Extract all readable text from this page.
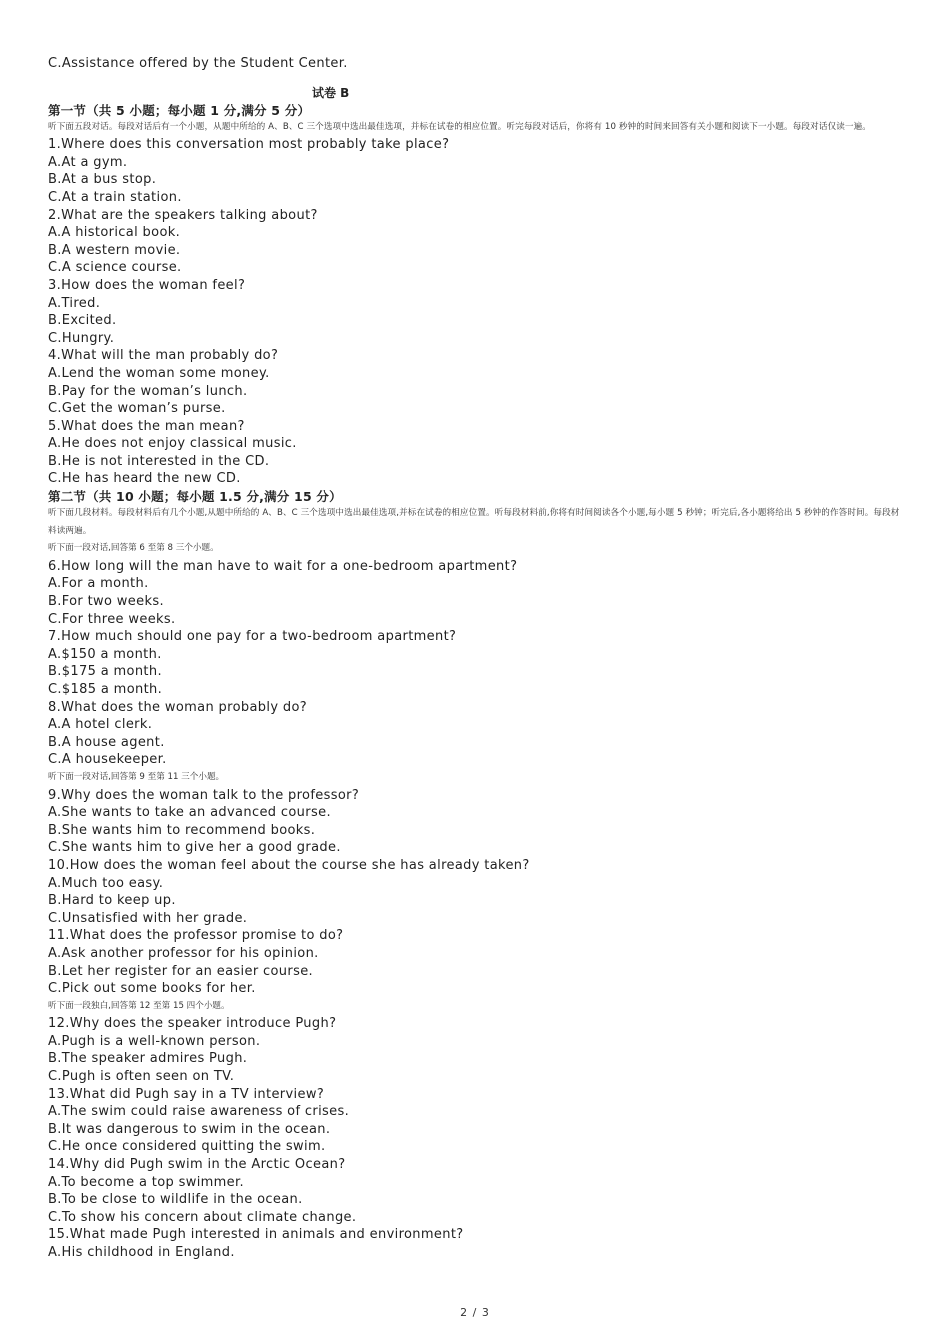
C.Assistance offered by the Student Center.
试卷 B
第一节（共 5 小题；每小题 1 分,满分 5 分）
听下面五段对话。每段对话后有一个小题，从题中所给的 A、B、C 三个选项中选出最佳选项，并标在试卷的相应位置。听完每段对话后，你将有 10 秒钟的时间来回答有关小题和阅读下一小题。每段对话仅读一遍。
1.Where does this conversation most probably take place?
A.At a gym.
B.At a bus stop.
C.At a train station.
2.What are the speakers talking about?
A.A historical book.
B.A western movie.
C.A science course.
3.How does the woman feel?
A.Tired.
B.Excited.
C.Hungry.
4.What will the man probably do?
A.Lend the woman some money.
B.Pay for the woman’s lunch.
C.Get the woman’s purse.
5.What does the man mean?
A.He does not enjoy classical music.
B.He is not interested in the CD.
C.He has heard the new CD.
第二节（共 10 小题；每小题 1.5 分,满分 15 分）
听下面几段材料。每段材料后有几个小题,从题中所给的 A、B、C 三个选项中选出最佳选项,并标在试卷的相应位置。听每段材料前,你将有时间阅读各个小题,每小题 5 秒钟；听完后,各小题将给出 5 秒钟的作答时间。每段材料读两遍。
听下面一段对话,回答第 6 至第 8 三个小题。
6.How long will the man have to wait for a one-bedroom apartment?
A.For a month.
B.For two weeks.
C.For three weeks.
7.How much should one pay for a two-bedroom apartment?
A.$150 a month.
B.$175 a month.
C.$185 a month.
8.What does the woman probably do?
A.A hotel clerk.
B.A house agent.
C.A housekeeper.
听下面一段对话,回答第 9 至第 11 三个小题。
9.Why does the woman talk to the professor?
A.She wants to take an advanced course.
B.She wants him to recommend books.
C.She wants him to give her a good grade.
10.How does the woman feel about the course she has already taken?
A.Much too easy.
B.Hard to keep up.
C.Unsatisfied with her grade.
11.What does the professor promise to do?
A.Ask another professor for his opinion.
B.Let her register for an easier course.
C.Pick out some books for her.
听下面一段独白,回答第 12 至第 15 四个小题。
12.Why does the speaker introduce Pugh?
A.Pugh is a well-known person.
B.The speaker admires Pugh.
C.Pugh is often seen on TV.
13.What did Pugh say in a TV interview?
A.The swim could raise awareness of crises.
B.It was dangerous to swim in the ocean.
C.He once considered quitting the swim.
14.Why did Pugh swim in the Arctic Ocean?
A.To become a top swimmer.
B.To be close to wildlife in the ocean.
C.To show his concern about climate change.
15.What made Pugh interested in animals and environment?
A.His childhood in England.
2 / 3
